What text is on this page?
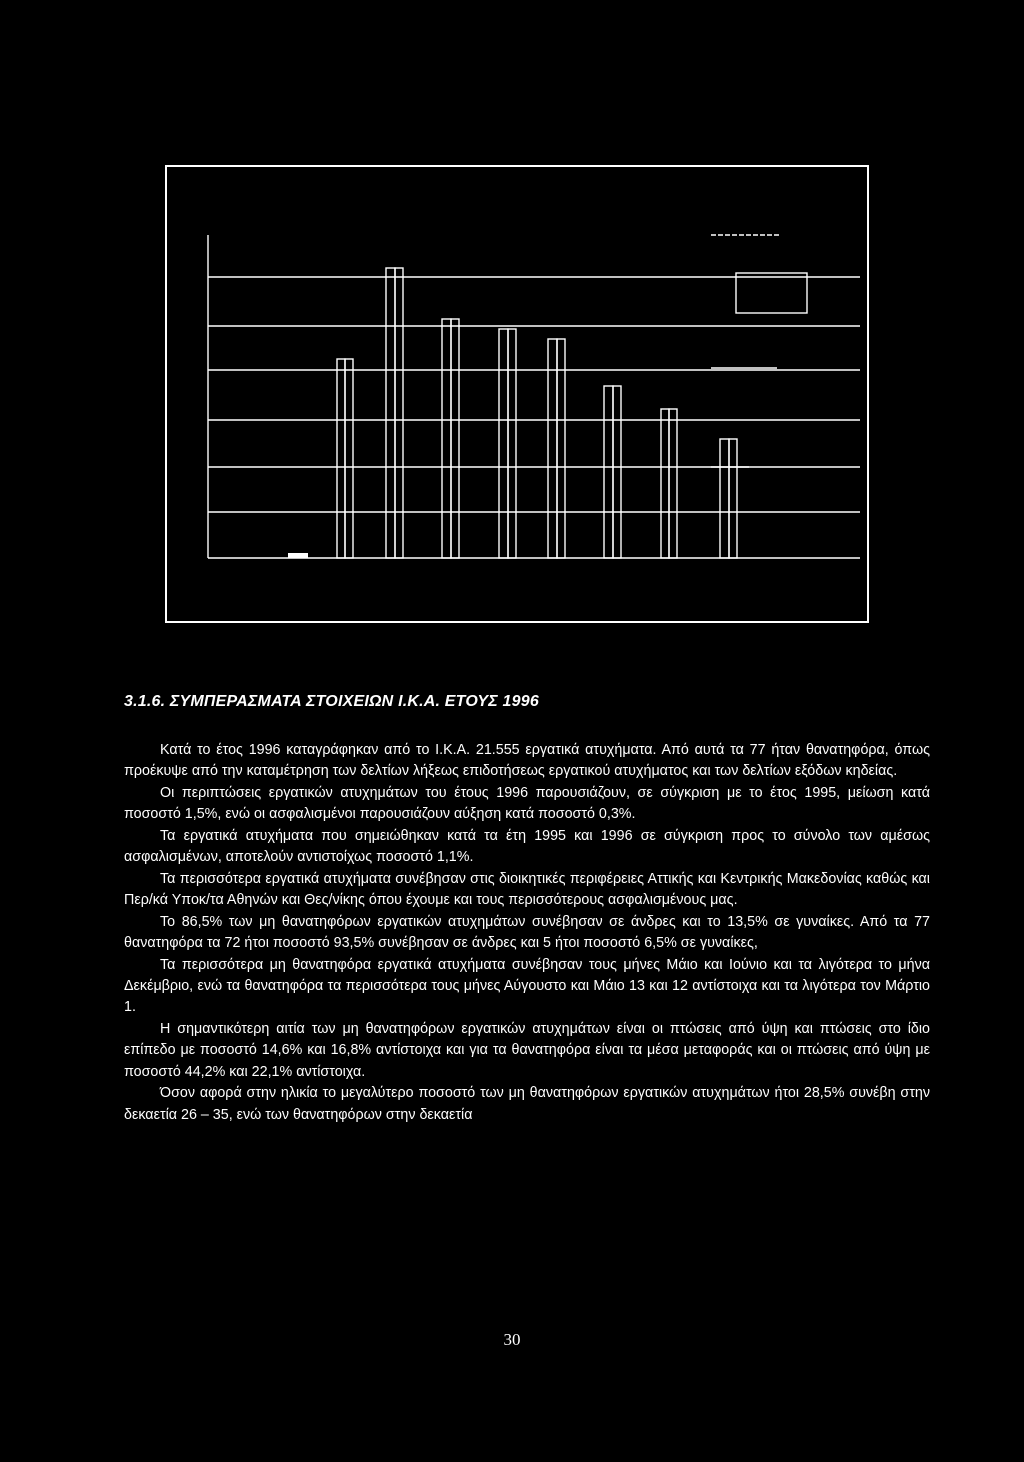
3.1.6. ΣΥΜΠΕΡΑΣΜΑΤΑ ΣΤΟΙΧΕΙΩΝ Ι.Κ.Α. ΕΤΟΥΣ 1996

Κατά το έτος 1996 καταγράφηκαν από το Ι.Κ.Α. 21.555 εργατικά ατυχήματα. Από αυτά τα 77 ήταν θανατηφόρα, όπως προέκυψε από την καταμέτρηση των δελτίων λήξεως επιδοτήσεως εργατικού ατυχήματος και των δελτίων εξόδων κηδείας.

Οι περιπτώσεις εργατικών ατυχημάτων του έτους 1996 παρουσιάζουν, σε σύγκριση με το έτος 1995, μείωση κατά ποσοστό 1,5%, ενώ οι ασφαλισμένοι παρουσιάζουν αύξηση κατά ποσοστό 0,3%.

Τα εργατικά ατυχήματα που σημειώθηκαν κατά τα έτη 1995 και 1996 σε σύγκριση προς το σύνολο των αμέσως ασφαλισμένων, αποτελούν αντιστοίχως ποσοστό 1,1%.

Τα περισσότερα εργατικά ατυχήματα συνέβησαν στις διοικητικές περιφέρειες Αττικής και Κεντρικής Μακεδονίας καθώς και Περ/κά Υποκ/τα Αθηνών και Θες/νίκης όπου έχουμε και τους περισσότερους ασφαλισμένους μας.

Το 86,5% των μη θανατηφόρων εργατικών ατυχημάτων συνέβησαν σε άνδρες και το 13,5% σε γυναίκες. Από τα 77 θανατηφόρα τα 72 ήτοι ποσοστό 93,5% συνέβησαν σε άνδρες και 5 ήτοι ποσοστό 6,5% σε γυναίκες,

Τα περισσότερα μη θανατηφόρα εργατικά ατυχήματα συνέβησαν τους μήνες Μάιο και Ιούνιο και τα λιγότερα το μήνα Δεκέμβριο, ενώ τα θανατηφόρα τα περισσότερα τους μήνες Αύγουστο και Μάιο 13 και 12 αντίστοιχα και τα λιγότερα τον Μάρτιο 1.

Η σημαντικότερη αιτία των μη θανατηφόρων εργατικών ατυχημάτων είναι οι πτώσεις από ύψη και πτώσεις στο ίδιο επίπεδο με ποσοστό 14,6% και 16,8% αντίστοιχα και για τα θανατηφόρα είναι τα μέσα μεταφοράς και οι πτώσεις από ύψη με ποσοστό 44,2% και 22,1% αντίστοιχα.

Όσον αφορά στην ηλικία το μεγαλύτερο ποσοστό των μη θανατηφόρων εργατικών ατυχημάτων ήτοι 28,5% συνέβη στην δεκαετία 26 – 35, ενώ των θανατηφόρων στην δεκαετία

30
